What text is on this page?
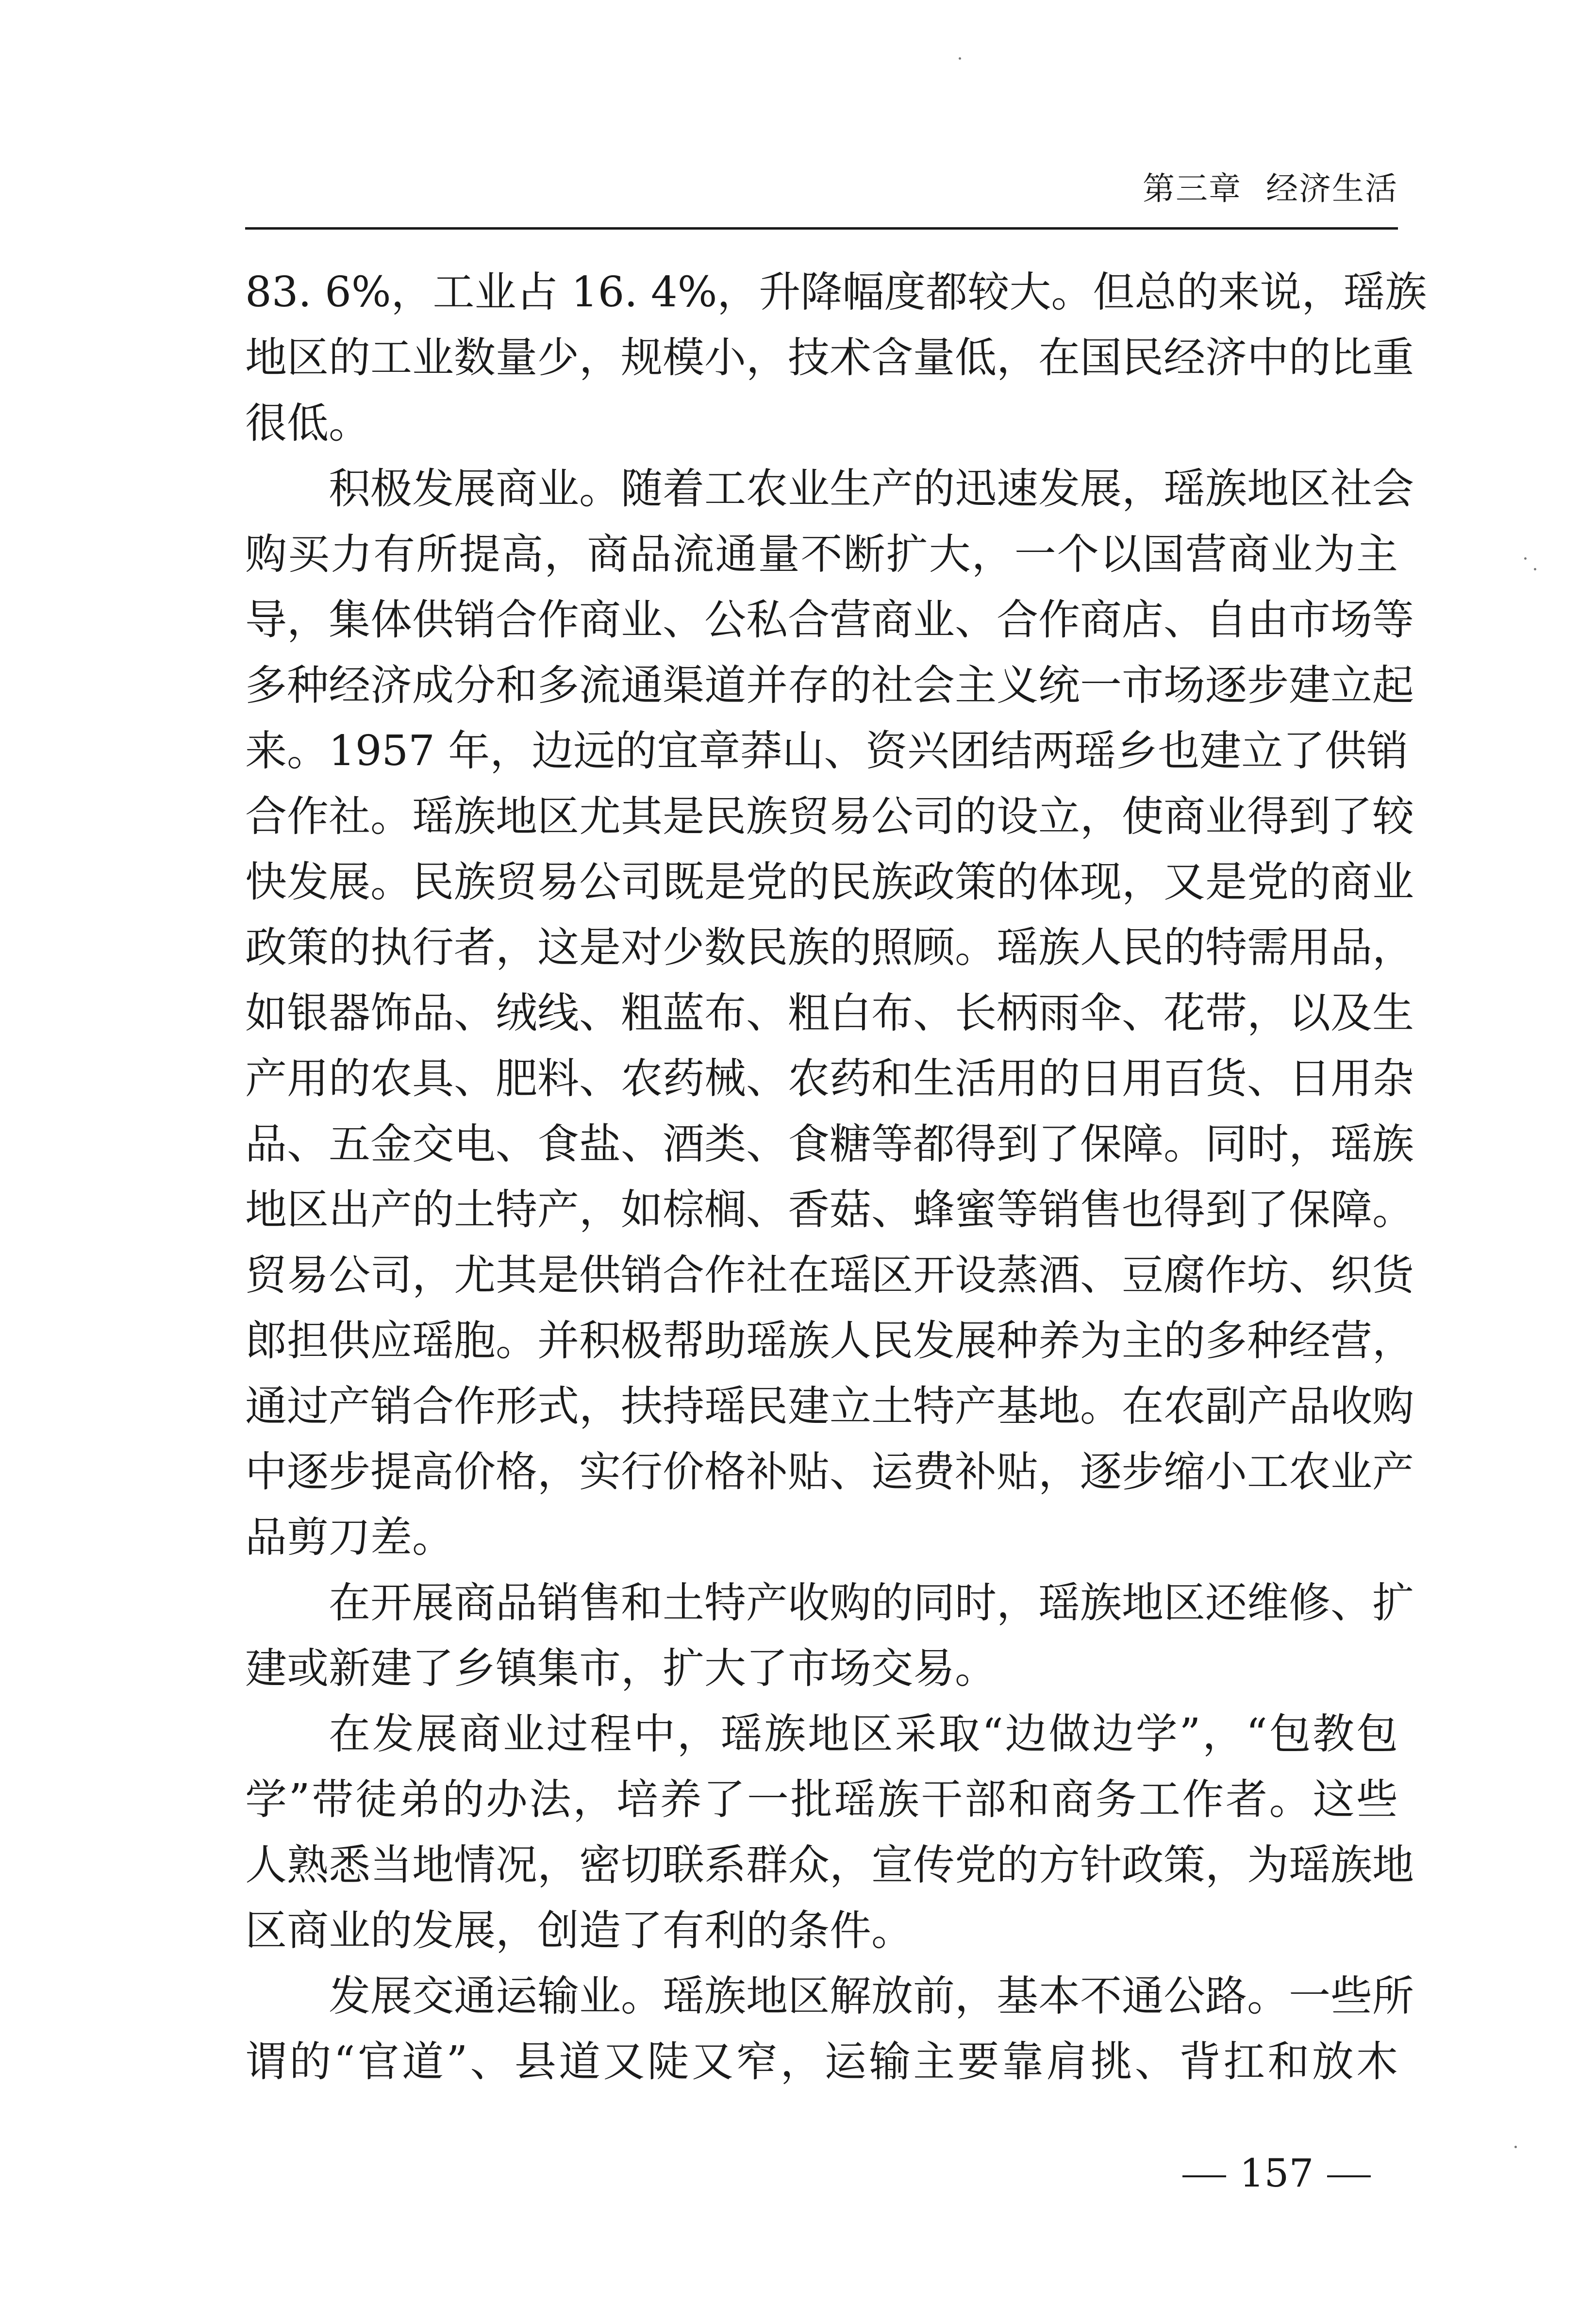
第三章 经济生活
83. 6%，工业占 16. 4%，升降幅度都较大。但总的来说，瑶族
地区的工业数量少，规模小，技术含量低，在国民经济中的比重
很低。
积极发展商业。随着工农业生产的迅速发展，瑶族地区社会
购买力有所提高，商品流通量不断扩大，一个以国营商业为主
导，集体供销合作商业、公私合营商业、合作商店、自由市场等
多种经济成分和多流通渠道并存的社会主义统一市场逐步建立起
来。1957 年，边远的宜章莽山、资兴团结两瑶乡也建立了供销
合作社。瑶族地区尤其是民族贸易公司的设立，使商业得到了较
快发展。民族贸易公司既是党的民族政策的体现，又是党的商业
政策的执行者，这是对少数民族的照顾。瑶族人民的特需用品，
如银器饰品、绒线、粗蓝布、粗白布、长柄雨伞、花带，以及生
产用的农具、肥料、农药械、农药和生活用的日用百货、日用杂
品、五金交电、食盐、酒类、食糖等都得到了保障。同时，瑶族
地区出产的土特产，如棕榈、香菇、蜂蜜等销售也得到了保障。
贸易公司，尤其是供销合作社在瑶区开设蒸酒、豆腐作坊、织货
郎担供应瑶胞。并积极帮助瑶族人民发展种养为主的多种经营，
通过产销合作形式，扶持瑶民建立土特产基地。在农副产品收购
中逐步提高价格，实行价格补贴、运费补贴，逐步缩小工农业产
品剪刀差。
在开展商品销售和土特产收购的同时，瑶族地区还维修、扩
建或新建了乡镇集市，扩大了市场交易。
在发展商业过程中，瑶族地区采取“边做边学”，“包教包
学”带徒弟的办法，培养了一批瑶族干部和商务工作者。这些
人熟悉当地情况，密切联系群众，宣传党的方针政策，为瑶族地
区商业的发展，创造了有利的条件。
发展交通运输业。瑶族地区解放前，基本不通公路。一些所
谓的“官道”、县道又陡又窄，运输主要靠肩挑、背扛和放木
157
